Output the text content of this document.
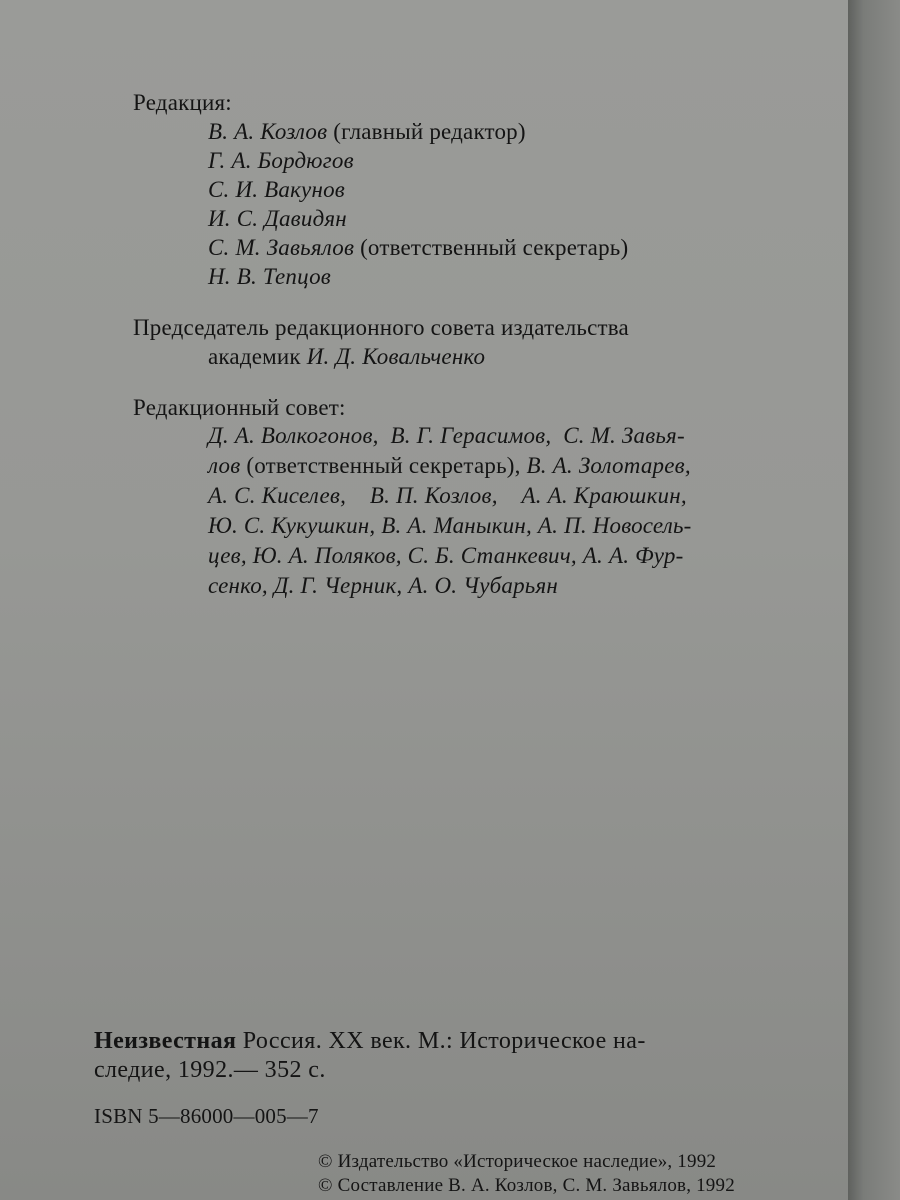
Редакция:
В. А. Козлов (главный редактор)
Г. А. Бордюгов
С. И. Вакунов
И. С. Давидян
С. М. Завьялов (ответственный секретарь)
Н. В. Тепцов
Председатель редакционного совета издательства
академик И. Д. Ковальченко
Редакционный совет:
Д. А. Волкогонов,  В. Г. Герасимов,  С. М. Завья-
лов (ответственный секретарь), В. А. Золотарев,
А. С. Киселев,    В. П. Козлов,    А. А. Краюшкин,
Ю. С. Кукушкин, В. А. Маныкин, А. П. Новосель-
цев, Ю. А. Поляков, С. Б. Станкевич, А. А. Фур-
сенко, Д. Г. Черник, А. О. Чубарьян
Неизвестная Россия. XX век. М.: Историческое на-
следие, 1992.— 352 с.
ISBN 5—86000—005—7
© Издательство «Историческое наследие», 1992
© Составление В. А. Козлов, С. М. Завьялов, 1992
